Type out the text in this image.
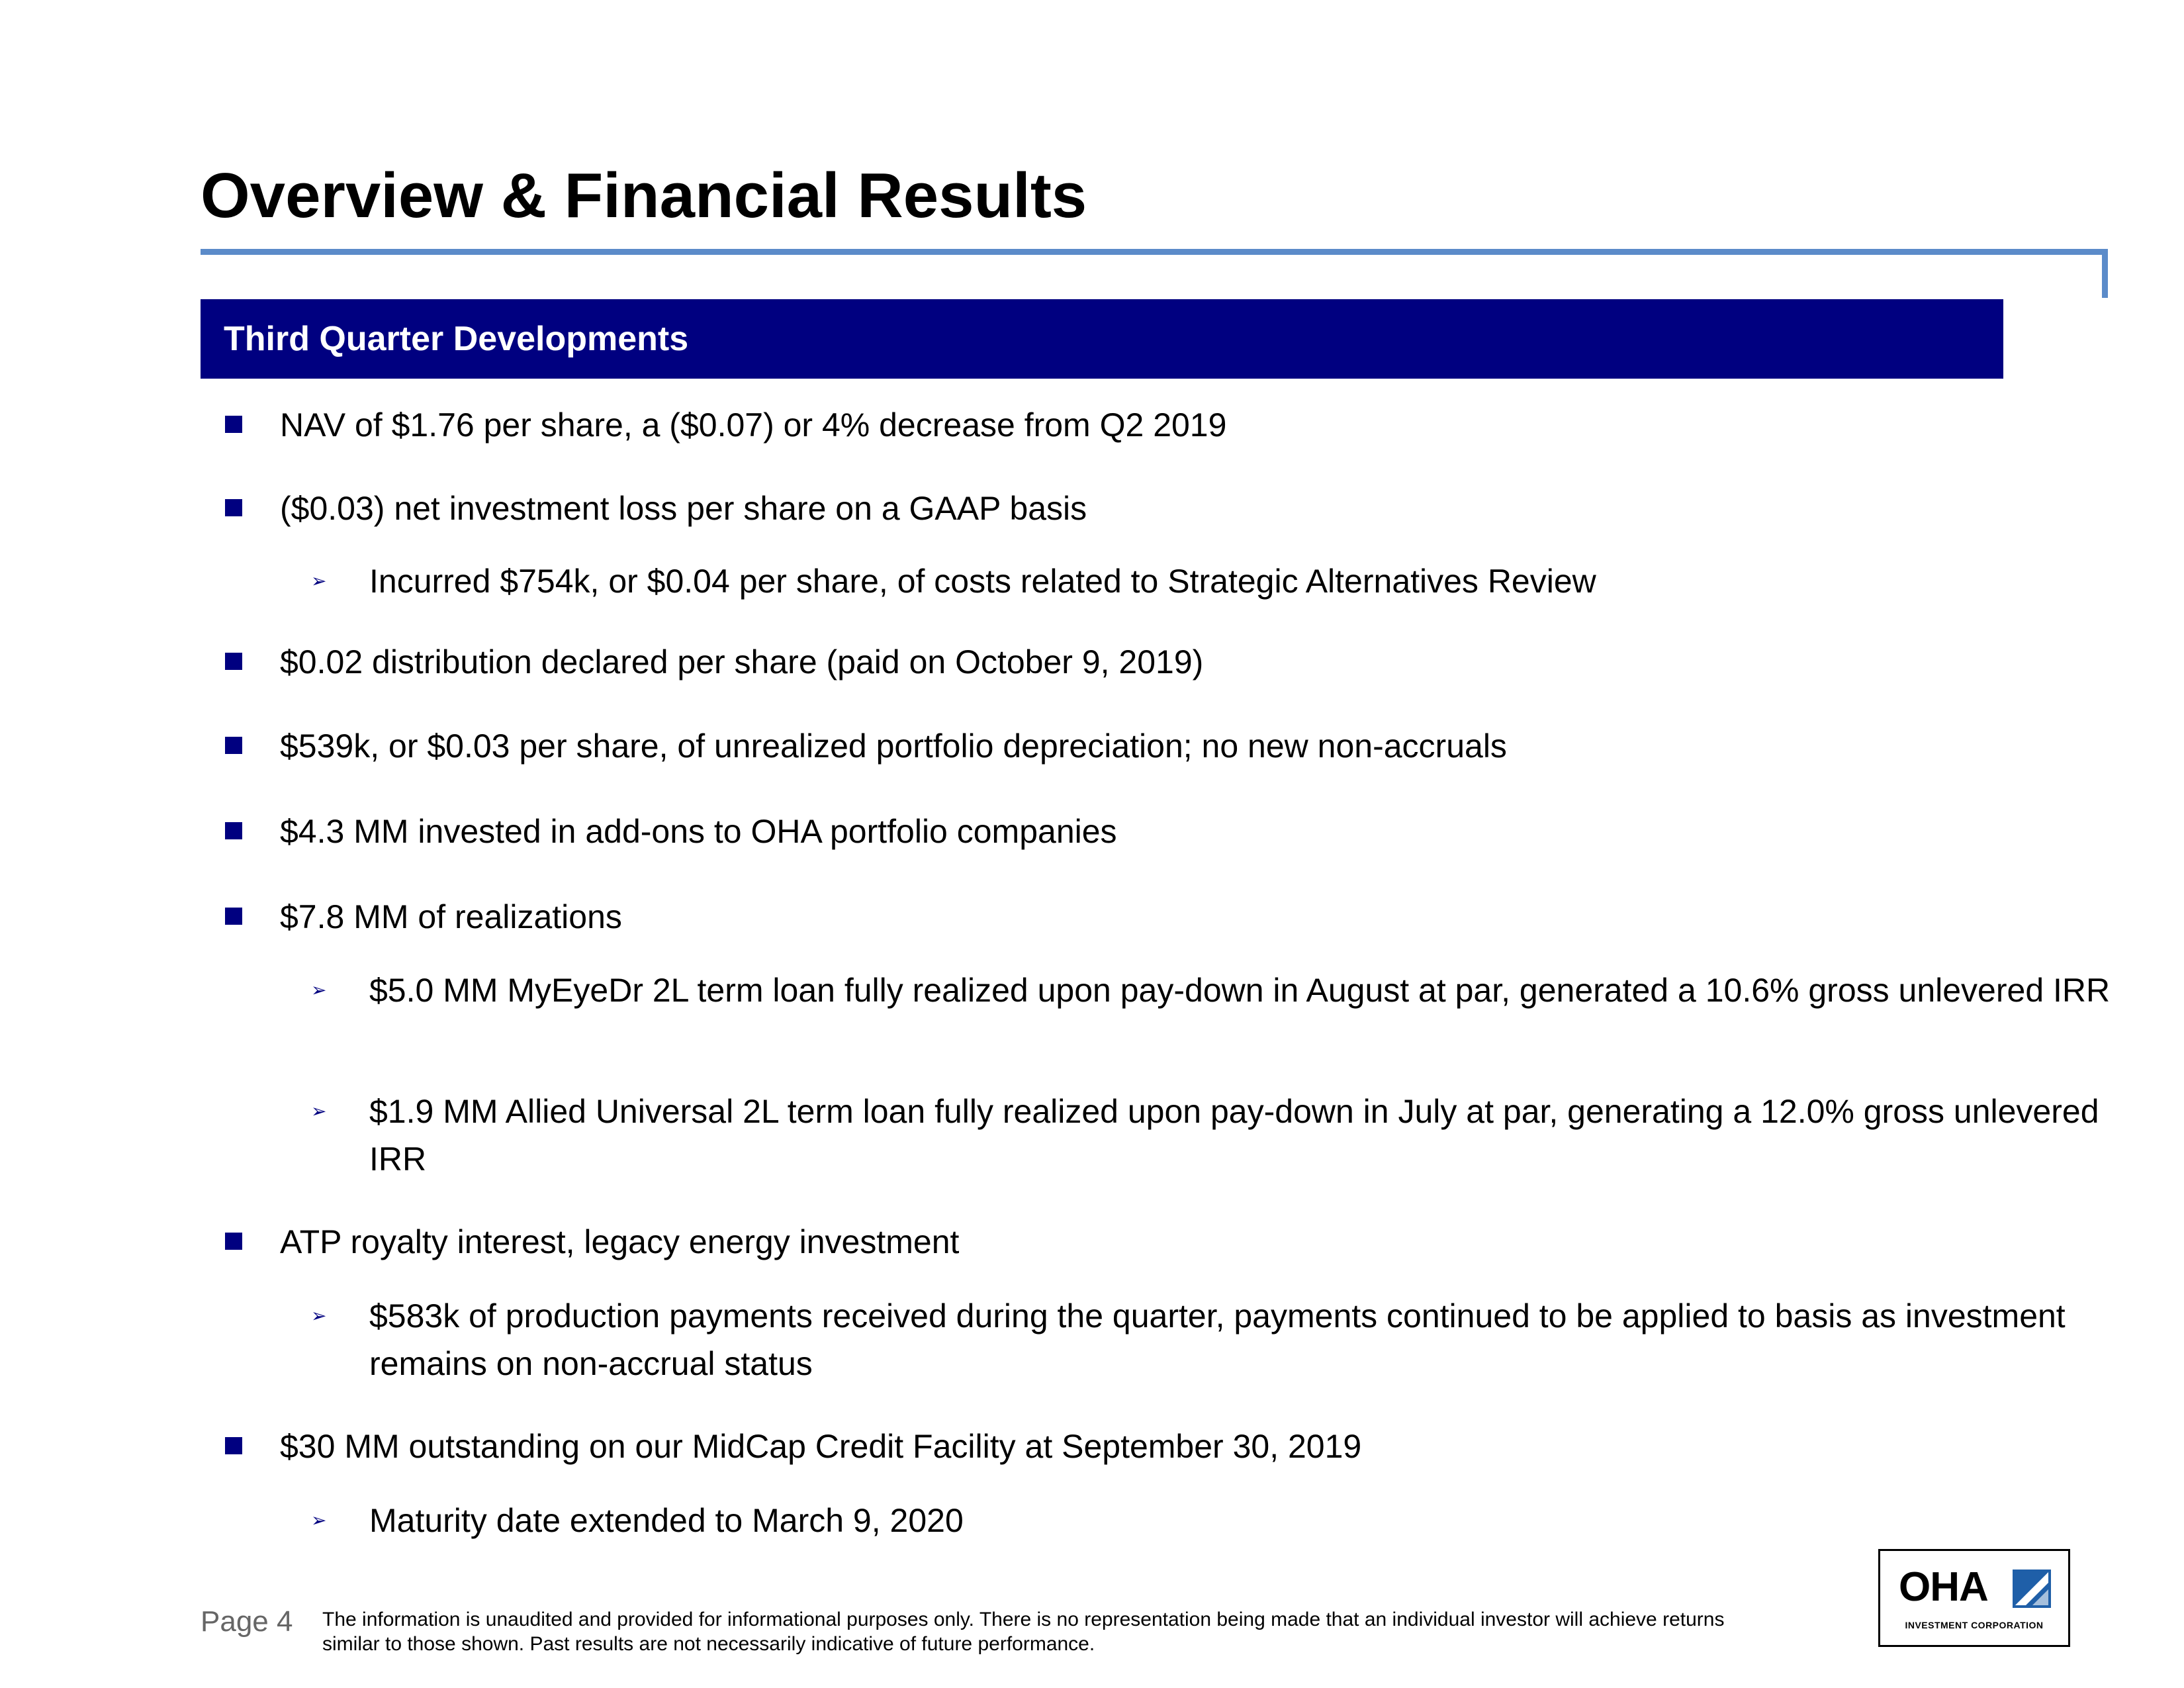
Overview & Financial Results
Third Quarter Developments
NAV of $1.76 per share, a ($0.07) or 4% decrease from Q2 2019
($0.03) net investment loss per share on a GAAP basis
➢ Incurred $754k, or $0.04 per share, of costs related to Strategic Alternatives Review
$0.02 distribution declared per share (paid on October 9, 2019)
$539k, or $0.03 per share, of unrealized portfolio depreciation; no new non-accruals
$4.3 MM invested in add-ons to OHA portfolio companies
$7.8 MM of realizations
➢ $5.0 MM MyEyeDr 2L term loan fully realized upon pay-down in August at par, generated a 10.6% gross unlevered IRR
➢ $1.9 MM Allied Universal 2L term loan fully realized upon pay-down in July at par, generating a 12.0% gross unlevered IRR
ATP royalty interest, legacy energy investment
➢ $583k of production payments received during the quarter, payments continued to be applied to basis as investment remains on non-accrual status
$30 MM outstanding on our MidCap Credit Facility at September 30, 2019
➢ Maturity date extended to March 9, 2020
Page 4 The information is unaudited and provided for informational purposes only. There is no representation being made that an individual investor will achieve returns similar to those shown. Past results are not necessarily indicative of future performance.
OHA
INVESTMENT CORPORATION
